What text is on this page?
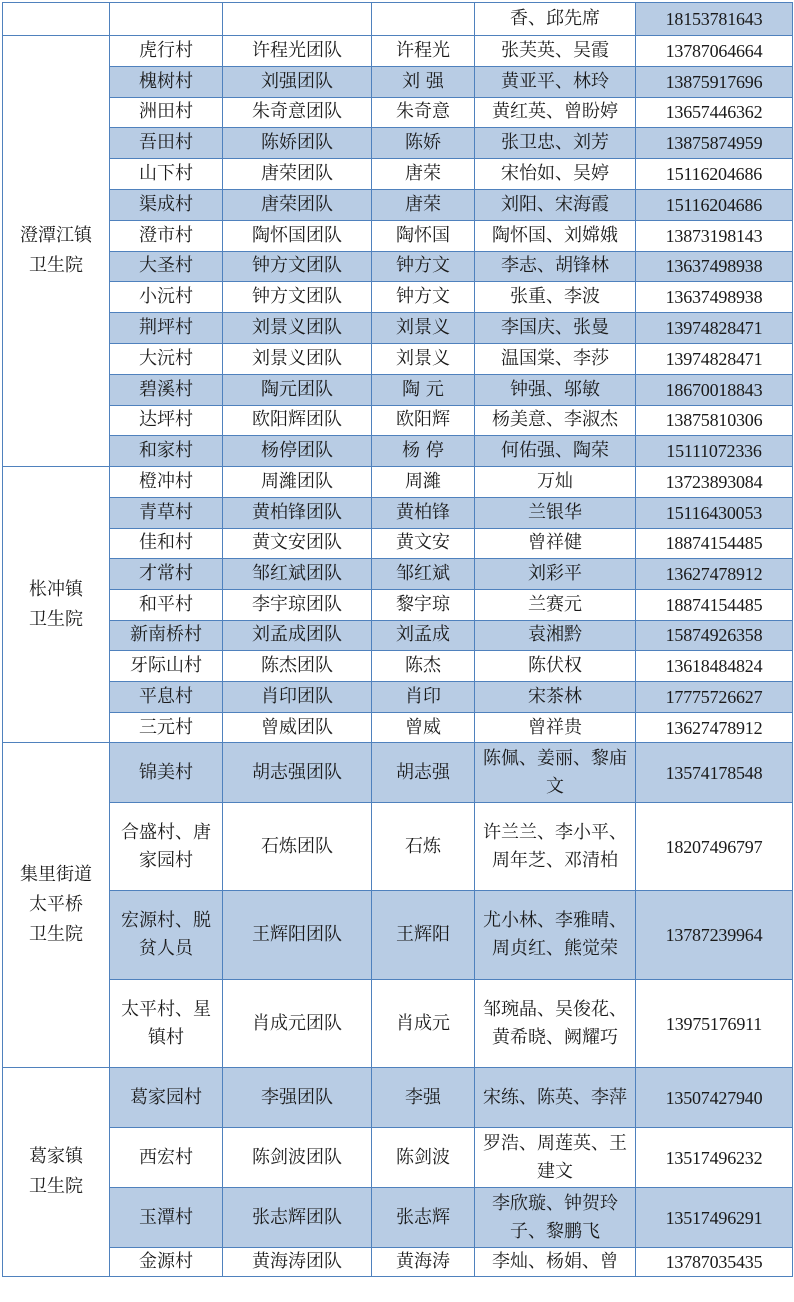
				香、邱先席	18153781643

澄潭江镇
卫生院	虎行村	许程光团队	许程光	张芙英、吴霞	13787064664
	槐树村	刘强团队	刘 强	黄亚平、林玲	13875917696
	洲田村	朱奇意团队	朱奇意	黄红英、曾盼婷	13657446362
	吾田村	陈娇团队	陈娇	张卫忠、刘芳	13875874959
	山下村	唐荣团队	唐荣	宋怡如、吴婷	15116204686
	渠成村	唐荣团队	唐荣	刘阳、宋海霞	15116204686
	澄市村	陶怀国团队	陶怀国	陶怀国、刘嫦娥	13873198143
	大圣村	钟方文团队	钟方文	李志、胡锋林	13637498938
	小沅村	钟方文团队	钟方文	张重、李波	13637498938
	荆坪村	刘景义团队	刘景义	李国庆、张曼	13974828471
	大沅村	刘景义团队	刘景义	温国棠、李莎	13974828471
	碧溪村	陶元团队	陶 元	钟强、邬敏	18670018843
	达坪村	欧阳辉团队	欧阳辉	杨美意、李淑杰	13875810306
	和家村	杨停团队	杨 停	何佑强、陶荣	15111072336

枨冲镇
卫生院	橙冲村	周濰团队	周濰	万灿	13723893084
	青草村	黄柏锋团队	黄柏锋	兰银华	15116430053
	佳和村	黄文安团队	黄文安	曾祥健	18874154485
	才常村	邹红斌团队	邹红斌	刘彩平	13627478912
	和平村	李宇琼团队	黎宇琼	兰赛元	18874154485
	新南桥村	刘孟成团队	刘孟成	袁湘黔	15874926358
	牙际山村	陈杰团队	陈杰	陈伏权	13618484824
	平息村	肖印团队	肖印	宋茶林	17775726627
	三元村	曾威团队	曾威	曾祥贵	13627478912

集里街道
太平桥
卫生院	锦美村	胡志强团队	胡志强	陈佩、姜丽、黎庙文	13574178548
	合盛村、唐家园村	石炼团队	石炼	许兰兰、李小平、周年芝、邓清柏	18207496797
	宏源村、脱贫人员	王辉阳团队	王辉阳	尤小林、李雅晴、周贞红、熊觉荣	13787239964
	太平村、星镇村	肖成元团队	肖成元	邹琬晶、吴俊花、黄希晓、阙耀巧	13975176911

葛家镇
卫生院	葛家园村	李强团队	李强	宋练、陈英、李萍	13507427940
	西宏村	陈剑波团队	陈剑波	罗浩、周莲英、王建文	13517496232
	玉潭村	张志辉团队	张志辉	李欣璇、钟贺玲子、黎鹏飞	13517496291
	金源村	黄海涛团队	黄海涛	李灿、杨娟、曾	13787035435
